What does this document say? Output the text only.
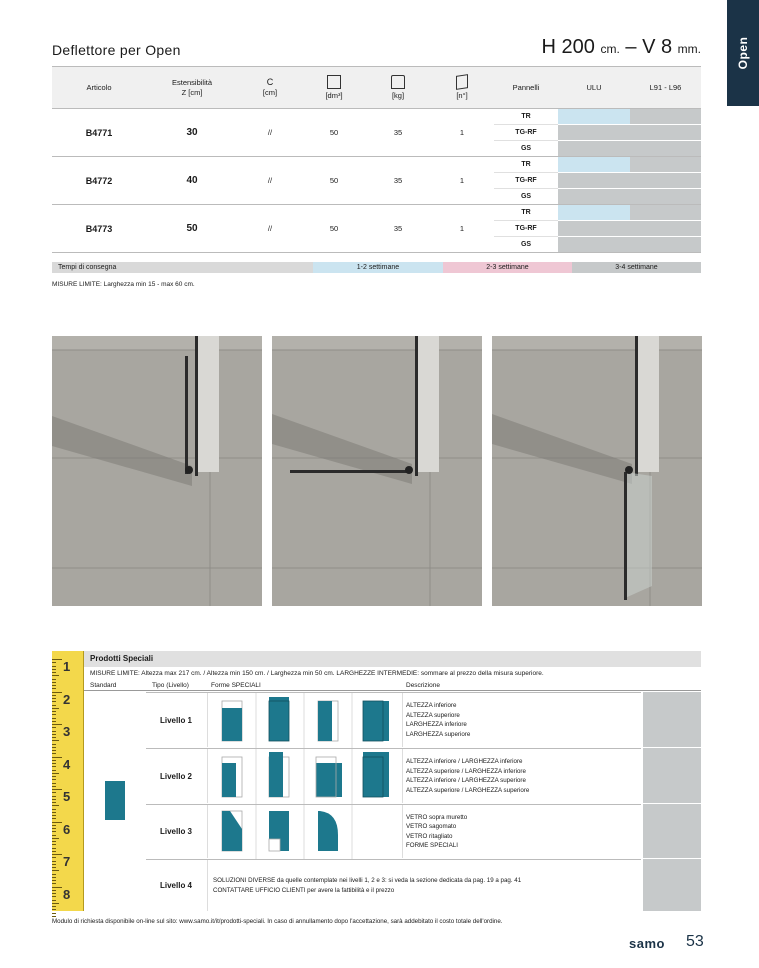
Open
Deflettore per Open	H 200 cm. – V 8 mm.
Articolo	Estensibilità
Z [cm]	C
[cm]	[dm³]	[kg]	[n°]	Pannelli	ULU	L91 - L96
B4771	30	//	50	35	1	TR		
						TG-RF		
						GS		
B4772	40	//	50	35	1	TR		
						TG-RF		
						GS		
B4773	50	//	50	35	1	TR		
						TG-RF		
						GS		
Tempi di consegna	1-2 settimane	2-3 settimane	3-4 settimane
MISURE LIMITE: Larghezza min 15 - max 60 cm.
1
2
3
4
5
6
7
8
Prodotti Speciali
MISURE LIMITE: Altezza max 217 cm. / Altezza min 150 cm. / Larghezza min 50 cm. LARGHEZZE INTERMEDIE: sommare al prezzo della misura superiore.
Standard	Tipo (Livello)	Forme SPECIALI	Descrizione
Livello 1
ALTEZZA inferiore
ALTEZZA superiore
LARGHEZZA inferiore
LARGHEZZA superiore
Livello 2
ALTEZZA inferiore / LARGHEZZA inferiore
ALTEZZA superiore / LARGHEZZA inferiore
ALTEZZA inferiore / LARGHEZZA superiore
ALTEZZA superiore / LARGHEZZA superiore
Livello 3
VETRO sopra muretto
VETRO sagomato
VETRO ritagliato
FORME SPECIALI
Livello 4
SOLUZIONI DIVERSE da quelle contemplate nei livelli 1, 2 e 3: si veda la sezione dedicata da pag. 19 a pag. 41
CONTATTARE UFFICIO CLIENTI per avere la fattibilità e il prezzo
Modulo di richiesta disponibile on-line sul sito: www.samo.it/it/prodotti-speciali. In caso di annullamento dopo l'accettazione, sarà addebitato il costo totale dell'ordine.
samo 53
